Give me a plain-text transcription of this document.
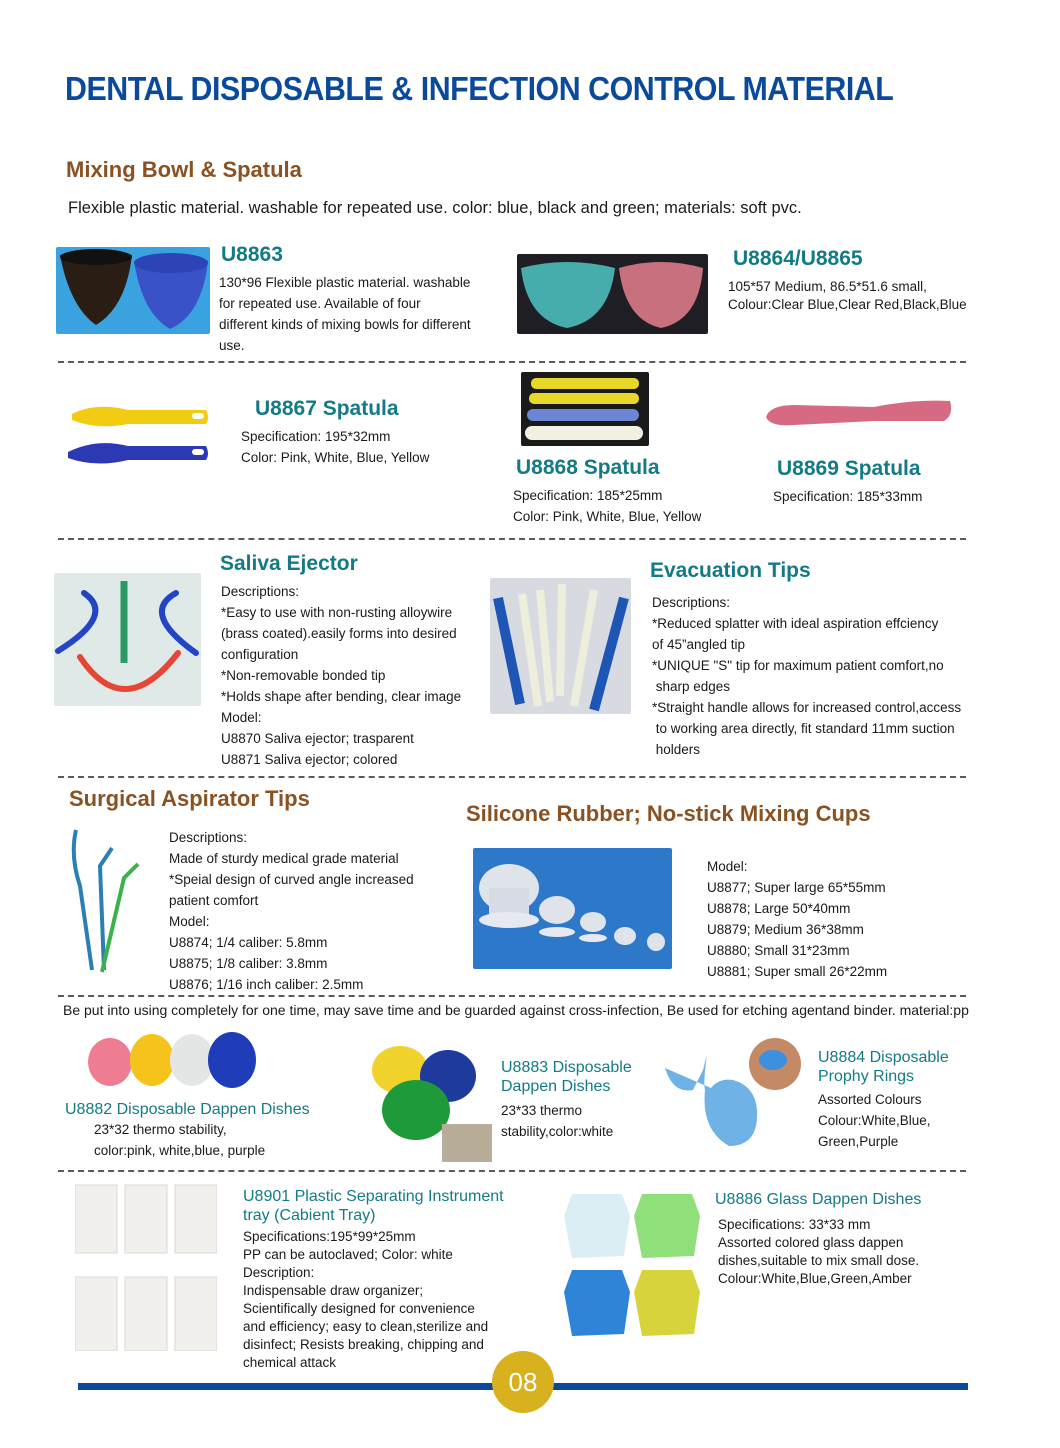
DENTAL DISPOSABLE & INFECTION CONTROL MATERIAL
Mixing Bowl & Spatula
Flexible plastic material. washable for repeated use. color: blue, black and green; materials: soft pvc.
U8863
130*96 Flexible plastic material. washable
for repeated use. Available of four
different kinds of mixing bowls for different
use.
U8864/U8865
105*57 Medium, 86.5*51.6 small,
Colour:Clear Blue,Clear Red,Black,Blue
U8867 Spatula
Specification: 195*32mm
Color: Pink, White, Blue, Yellow	U8868 Spatula
Specification: 185*25mm
Color: Pink, White, Blue, Yellow
U8869 Spatula
Specification: 185*33mm
Saliva Ejector
Descriptions:
*Easy to use with non-rusting alloywire
(brass coated).easily forms into desired
configuration
*Non-removable bonded tip
*Holds shape after bending, clear image
Model:
U8870 Saliva ejector; trasparent
U8871 Saliva ejector; colored
Evacuation Tips
Descriptions:
*Reduced splatter with ideal aspiration effciency
of 45”angled tip
*UNIQUE "S" tip for maximum patient comfort,no
sharp edges
*Straight handle allows for increased control,access
to working area directly, fit standard 11mm suction
holders
Surgical Aspirator Tips
Descriptions:
Made of sturdy medical grade material
*Speial design of curved angle increased
patient comfort
Model:
U8874; 1/4 caliber: 5.8mm
U8875; 1/8 caliber: 3.8mm
U8876; 1/16 inch caliber: 2.5mm
Silicone Rubber; No-stick Mixing Cups
Model:
U8877; Super large 65*55mm
U8878; Large 50*40mm
U8879; Medium 36*38mm
U8880; Small 31*23mm
U8881; Super small 26*22mm
Be put into using completely for one time, may save time and be guarded against cross-infection, Be used for etching agentand binder. material:pp
U8882 Disposable Dappen Dishes
23*32 thermo stability,
color:pink, white,blue, purple
U8883 Disposable
Dappen Dishes
23*33 thermo
stability,color:white
U8884 Disposable
Prophy Rings
Assorted Colours
Colour:White,Blue,
Green,Purple
U8901 Plastic Separating Instrument
tray (Cabient Tray)
Specifications:195*99*25mm
PP can be autoclaved; Color: white
Description:
Indispensable draw organizer;
Scientifically designed for convenience
and efficiency; easy to clean,sterilize and
disinfect; Resists breaking, chipping and
chemical attack
U8886 Glass Dappen Dishes
Specifications: 33*33 mm
Assorted colored glass dappen
dishes,suitable to mix small dose.
Colour:White,Blue,Green,Amber
08
